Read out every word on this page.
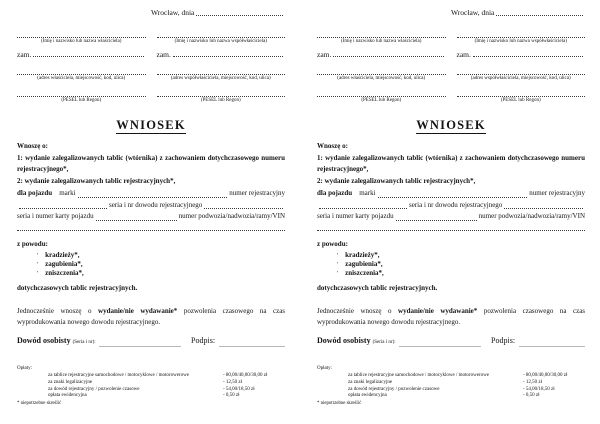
Wrocław, dnia
(Imię i nazwisko lub nazwa właściciela)
zam.
(adres właściciela, miejscowość, kod, ulica)
(PESEL lub Regon)
(Imię i nazwisko lub nazwa współwłaściciela)
zam.
(adres współwłaściciela, miejscowość, kod, ulica)
(PESEL lub Regon)
WNIOSEK
Wnoszę o:
1: wydanie zalegalizowanych tablic (wtórnika) z zachowaniem dotychczasowego numeru rejestracyjnego*,
2: wydanie zalegalizowanych tablic rejestracyjnych*,
dla pojazdu marki	numer rejestracyjny
seria i nr dowodu rejestracyjnego
seria i numer karty pojazdu	numer podwozia/nadwozia/ramy/VIN
z powodu:
' kradzieży*,
' zagubienia*,
' zniszczenia*,
dotychczasowych tablic rejestracyjnych.
Jednocześnie wnoszę o wydanie/nie wydawanie* pozwolenia czasowego na czas wyprodukowania nowego dowodu rejestracyjnego.
Dowód osobisty (Seria i nr):	Podpis:
Opłaty:
za tablice rejestracyjne samochodowe / motocyklowe / motorowerowe	- 80,00/40,00/30,00 zł
za znaki legalizacyjne	- 12,50 zł
za dowód rejestracyjny / pozwolenie czasowe	- 54,00/18,50 zł
opłata ewidencyjna	- 0,50 zł
* niepotrzebne skreślić
Wrocław, dnia
(Imię i nazwisko lub nazwa właściciela)
zam.
(adres właściciela, miejscowość, kod, ulica)
(PESEL lub Regon)
(Imię i nazwisko lub nazwa współwłaściciela)
zam.
(adres współwłaściciela, miejscowość, kod, ulica)
(PESEL lub Regon)
WNIOSEK
Wnoszę o:
1: wydanie zalegalizowanych tablic (wtórnika) z zachowaniem dotychczasowego numeru rejestracyjnego*,
2: wydanie zalegalizowanych tablic rejestracyjnych*,
dla pojazdu marki	numer rejestracyjny
seria i nr dowodu rejestracyjnego
seria i numer karty pojazdu	numer podwozia/nadwozia/ramy/VIN
z powodu:
' kradzieży*,
' zagubienia*,
' zniszczenia*,
dotychczasowych tablic rejestracyjnych.
Jednocześnie wnoszę o wydanie/nie wydawanie* pozwolenia czasowego na czas wyprodukowania nowego dowodu rejestracyjnego.
Dowód osobisty (Seria i nr):	Podpis:
Opłaty:
za tablice rejestracyjne samochodowe / motocyklowe / motorowerowe	- 80,00/40,00/30,00 zł
za znaki legalizacyjne	- 12,50 zł
za dowód rejestracyjny / pozwolenie czasowe	- 54,00/18,50 zł
opłata ewidencyjna	- 0,50 zł
* niepotrzebne skreślić
